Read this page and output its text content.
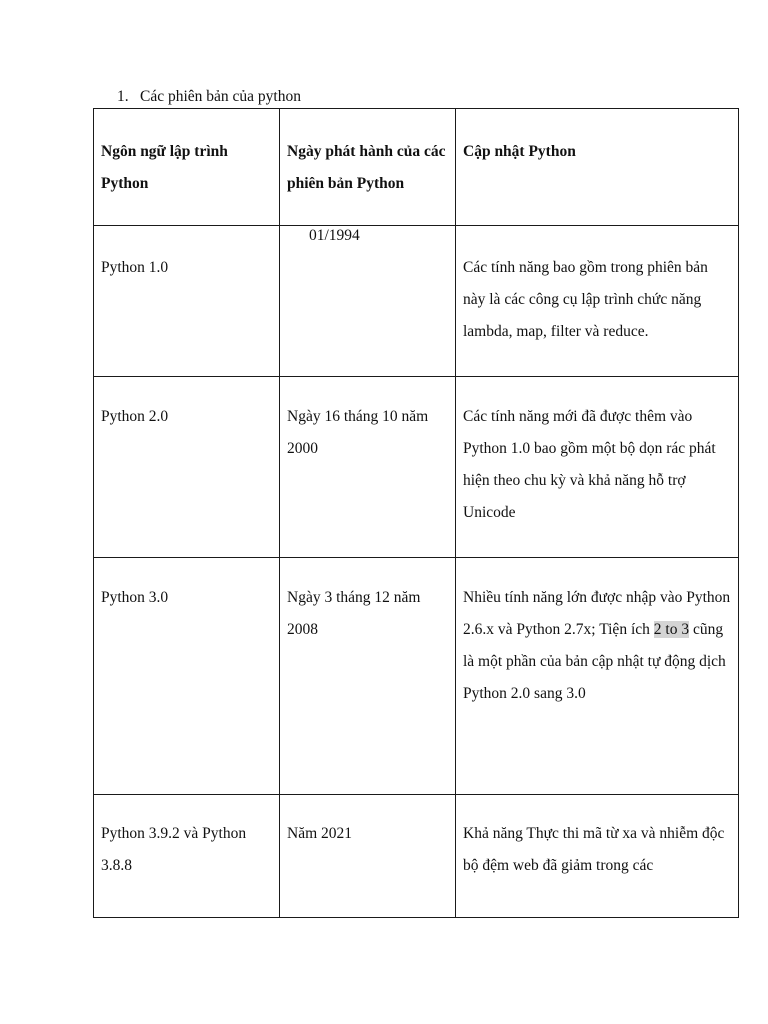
1. Các phiên bản của python
Ngôn ngữ lập trình Python	Ngày phát hành của các phiên bản Python	Cập nhật Python

Python 1.0	01/1994	Các tính năng bao gồm trong phiên bản này là các công cụ lập trình chức năng lambda, map, filter và reduce.

Python 2.0	Ngày 16 tháng 10 năm 2000	Các tính năng mới đã được thêm vào Python 1.0 bao gồm một bộ dọn rác phát hiện theo chu kỳ và khả năng hỗ trợ Unicode

Python 3.0	Ngày 3 tháng 12 năm 2008	Nhiều tính năng lớn được nhập vào Python 2.6.x và Python 2.7x; Tiện ích 2 to 3 cũng là một phần của bản cập nhật tự động dịch Python 2.0 sang 3.0

Python 3.9.2 và Python 3.8.8	Năm 2021	Khả năng Thực thi mã từ xa và nhiễm độc bộ đệm web đã giảm trong các
